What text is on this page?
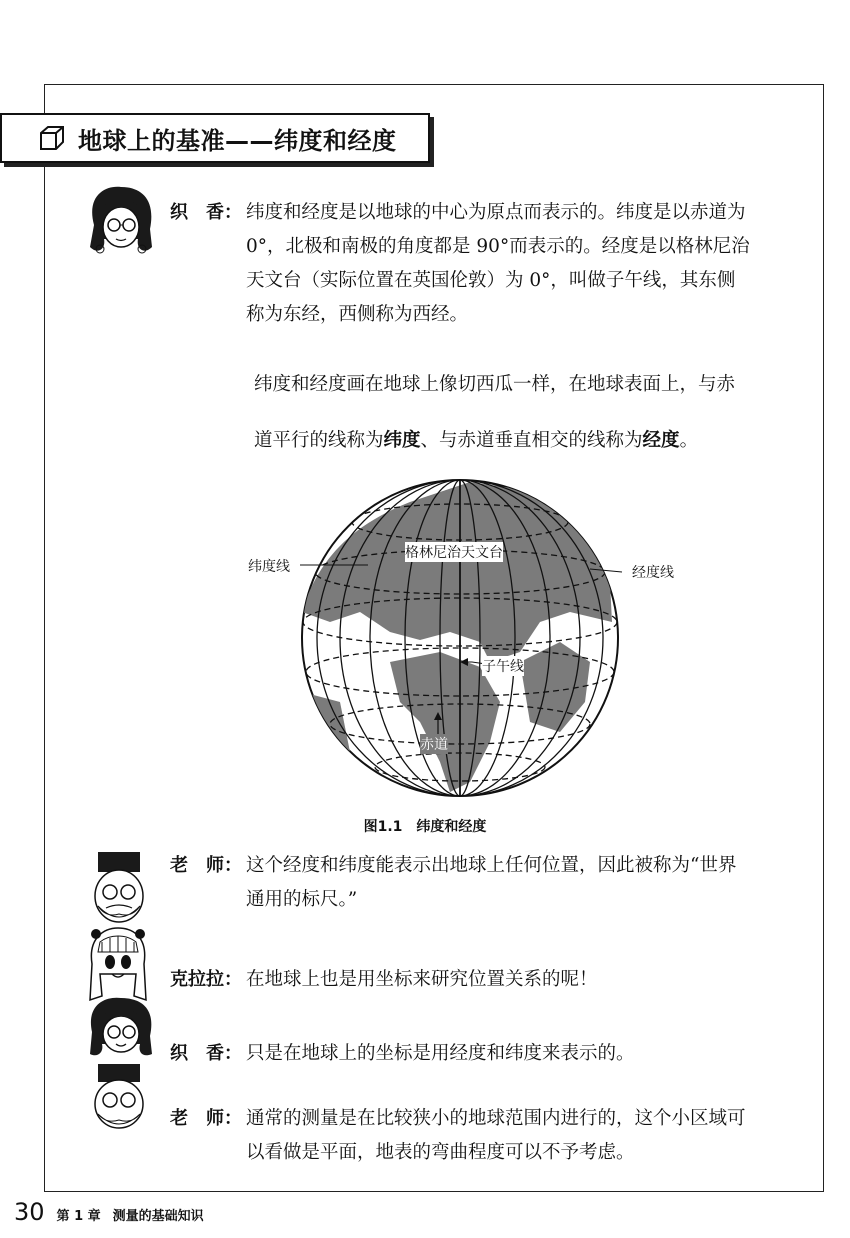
地球上的基准——纬度和经度
织　香： 纬度和经度是以地球的中心为原点而表示的。纬度是以赤道为
0°，北极和南极的角度都是 90°而表示的。经度是以格林尼治
天文台（实际位置在英国伦敦）为 0°，叫做子午线，其东侧
称为东经，西侧称为西经。
纬度和经度画在地球上像切西瓜一样，在地球表面上，与赤
道平行的线称为纬度、与赤道垂直相交的线称为经度。
纬度线	经度线
格林尼治天文台
子午线
赤道
图1.1　纬度和经度
老　师： 这个经度和纬度能表示出地球上任何位置，因此被称为“世界
通用的标尺。”
克拉拉： 在地球上也是用坐标来研究位置关系的呢！
织　香： 只是在地球上的坐标是用经度和纬度来表示的。
老　师： 通常的测量是在比较狭小的地球范围内进行的，这个小区域可
以看做是平面，地表的弯曲程度可以不予考虑。
30 第 1 章 测量的基础知识
